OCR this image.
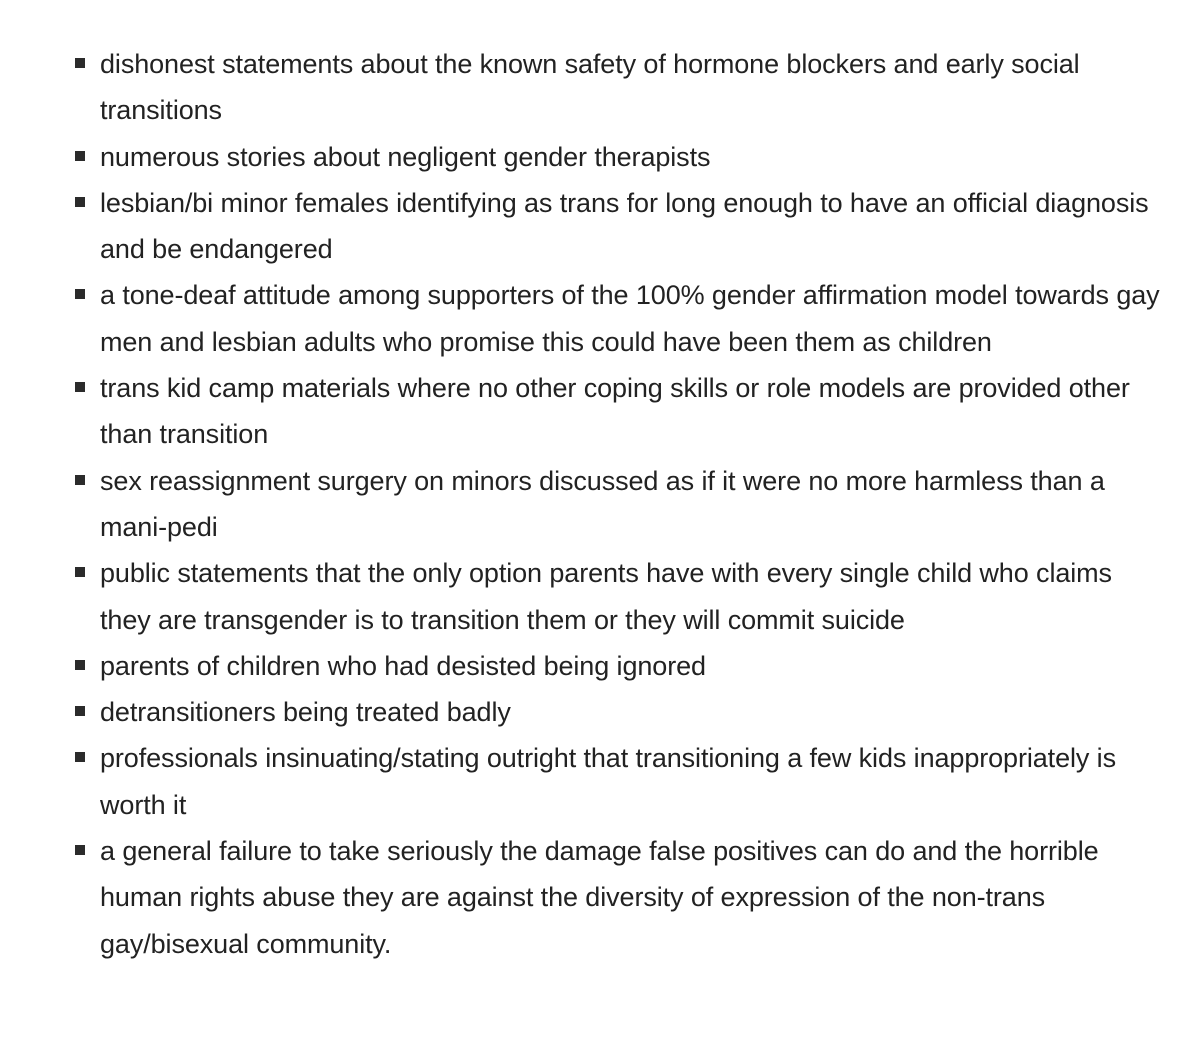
dishonest statements about the known safety of hormone blockers and early social transitions
numerous stories about negligent gender therapists
lesbian/bi minor females identifying as trans for long enough to have an official diagnosis and be endangered
a tone-deaf attitude among supporters of the 100% gender affirmation model towards gay men and lesbian adults who promise this could have been them as children
trans kid camp materials where no other coping skills or role models are provided other than transition
sex reassignment surgery on minors discussed as if it were no more harmless than a mani-pedi
public statements that the only option parents have with every single child who claims they are transgender is to transition them or they will commit suicide
parents of children who had desisted being ignored
detransitioners being treated badly
professionals insinuating/stating outright that transitioning a few kids inappropriately is worth it
a general failure to take seriously the damage false positives can do and the horrible human rights abuse they are against the diversity of expression of the non-trans gay/bisexual community.
